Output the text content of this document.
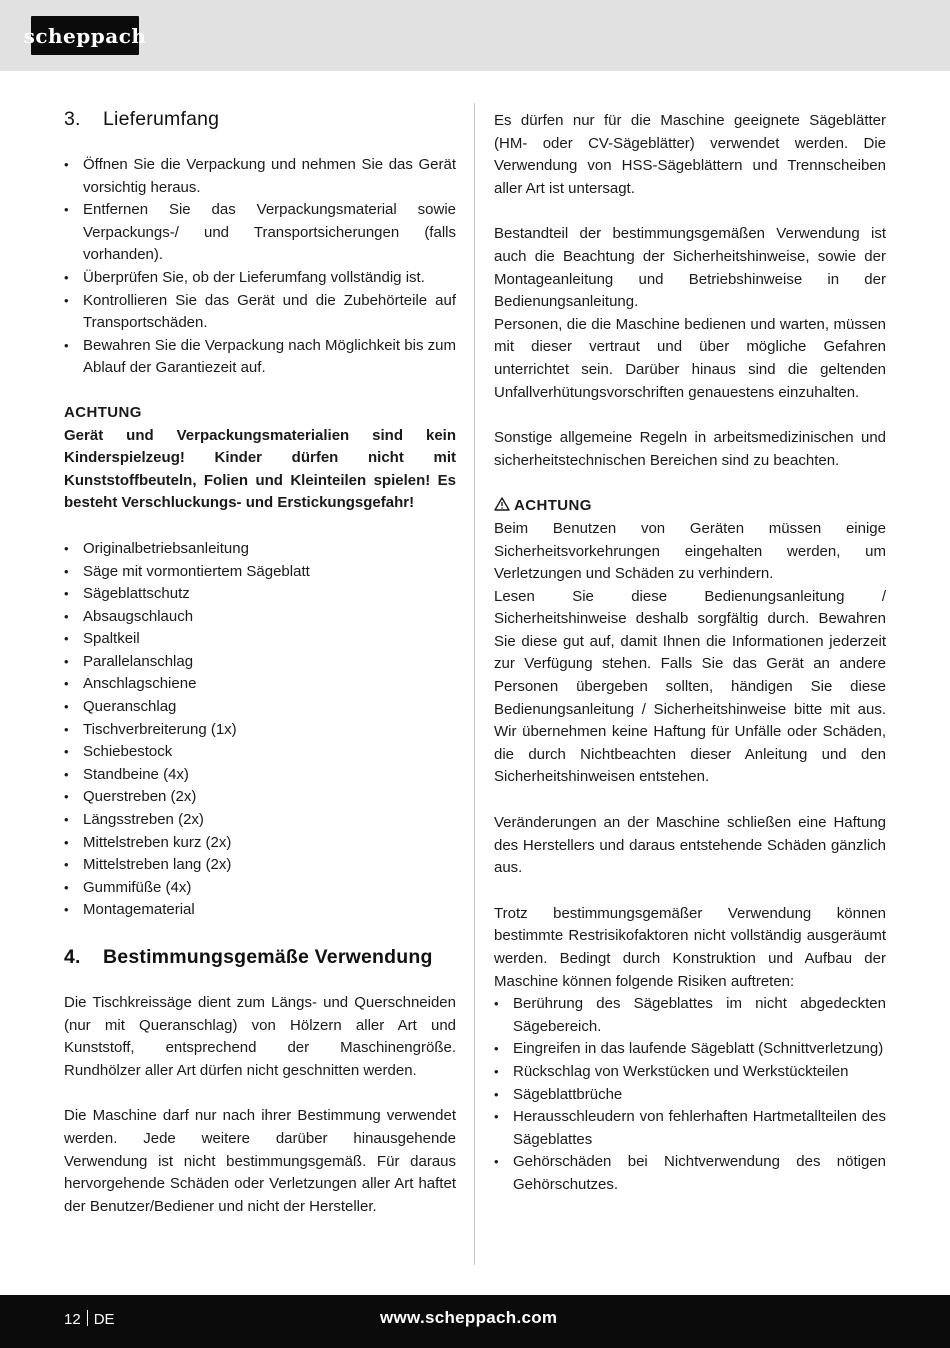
scheppach
3.	Lieferumfang
• Öffnen Sie die Verpackung und nehmen Sie das Gerät vorsichtig heraus.
• Entfernen Sie das Verpackungsmaterial sowie Verpackungs-/ und Transportsicherungen (falls vorhanden).
• Überprüfen Sie, ob der Lieferumfang vollständig ist.
• Kontrollieren Sie das Gerät und die Zubehörteile auf Transportschäden.
• Bewahren Sie die Verpackung nach Möglichkeit bis zum Ablauf der Garantiezeit auf.

ACHTUNG

Gerät und Verpackungsmaterialien sind kein Kinderspielzeug! Kinder dürfen nicht mit Kunststoffbeuteln, Folien und Kleinteilen spielen! Es besteht Verschluckungs- und Erstickungsgefahr!

• Originalbetriebsanleitung
• Säge mit vormontiertem Sägeblatt
• Sägeblattschutz
• Absaugschlauch
• Spaltkeil
• Parallelanschlag
• Anschlagschiene
• Queranschlag
• Tischverbreiterung (1x)
• Schiebestock
• Standbeine (4x)
• Querstreben (2x)
• Längsstreben (2x)
• Mittelstreben kurz (2x)
• Mittelstreben lang (2x)
• Gummifüße (4x)
• Montagematerial
4.	Bestimmungsgemäße Verwendung

Die Tischkreissäge dient zum Längs- und Querschneiden (nur mit Queranschlag) von Hölzern aller Art und Kunststoff, entsprechend der Maschinengröße. Rundhölzer aller Art dürfen nicht geschnitten werden.

Die Maschine darf nur nach ihrer Bestimmung verwendet werden. Jede weitere darüber hinausgehende Verwendung ist nicht bestimmungsgemäß. Für daraus hervorgehende Schäden oder Verletzungen aller Art haftet der Benutzer/Bediener und nicht der Hersteller.

Es dürfen nur für die Maschine geeignete Sägeblätter (HM- oder CV-Sägeblätter) verwendet werden. Die Verwendung von HSS-Sägeblättern und Trennscheiben aller Art ist untersagt.

Bestandteil der bestimmungsgemäßen Verwendung ist auch die Beachtung der Sicherheitshinweise, sowie der Montageanleitung und Betriebshinweise in der Bedienungsanleitung.

Personen, die die Maschine bedienen und warten, müssen mit dieser vertraut und über mögliche Gefahren unterrichtet sein. Darüber hinaus sind die geltenden Unfallverhütungsvorschriften genauestens einzuhalten.

Sonstige allgemeine Regeln in arbeitsmedizinischen und sicherheitstechnischen Bereichen sind zu beachten.

ACHTUNG

Beim Benutzen von Geräten müssen einige Sicherheitsvorkehrungen eingehalten werden, um Verletzungen und Schäden zu verhindern.

Lesen Sie diese Bedienungsanleitung / Sicherheitshinweise deshalb sorgfältig durch. Bewahren Sie diese gut auf, damit Ihnen die Informationen jederzeit zur Verfügung stehen. Falls Sie das Gerät an andere Personen übergeben sollten, händigen Sie diese Bedienungsanleitung / Sicherheitshinweise bitte mit aus. Wir übernehmen keine Haftung für Unfälle oder Schäden, die durch Nichtbeachten dieser Anleitung und den Sicherheitshinweisen entstehen.

Veränderungen an der Maschine schließen eine Haftung des Herstellers und daraus entstehende Schäden gänzlich aus.

Trotz bestimmungsgemäßer Verwendung können bestimmte Restrisikofaktoren nicht vollständig ausgeräumt werden. Bedingt durch Konstruktion und Aufbau der Maschine können folgende Risiken auftreten:

• Berührung des Sägeblattes im nicht abgedeckten Sägebereich.
• Eingreifen in das laufende Sägeblatt (Schnittverletzung)
• Rückschlag von Werkstücken und Werkstückteilen
• Sägeblattbrüche
• Herausschleudern von fehlerhaften Hartmetallteilen des Sägeblattes
• Gehörschäden bei Nichtverwendung des nötigen Gehörschutzes.
12 DE	www.scheppach.com
